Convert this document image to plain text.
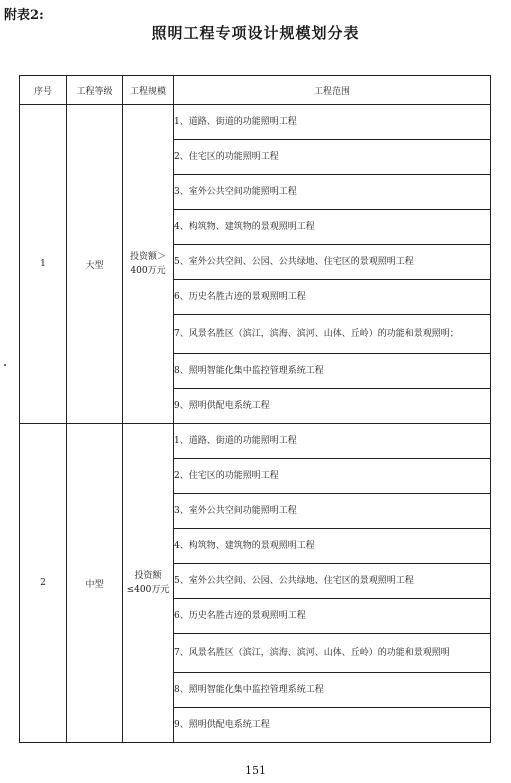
附表2:
照明工程专项设计规模划分表
序号	工程等级	工程规模	工程范围
1	大型	投资额＞400万元	1、道路、街道的功能照明工程
			2、住宅区的功能照明工程
			3、室外公共空间功能照明工程
			4、构筑物、建筑物的景观照明工程
			5、室外公共空间、公园、公共绿地、住宅区的景观照明工程
			6、历史名胜古迹的景观照明工程
			7、风景名胜区（滨江，滨海、滨河、山体、丘岭）的功能和景观照明；
			8、照明智能化集中监控管理系统工程
			9、照明供配电系统工程
2	中型	投资额≤400万元	1、道路、街道的功能照明工程
			2、住宅区的功能照明工程
			3、室外公共空间功能照明工程
			4、构筑物、建筑物的景观照明工程
			5、室外公共空间、公园、公共绿地、住宅区的景观照明工程
			6、历史名胜古迹的景观照明工程
			7、风景名胜区（滨江，滨海、滨河、山体、丘岭）的功能和景观照明
			8、照明智能化集中监控管理系统工程
			9、照明供配电系统工程
151
